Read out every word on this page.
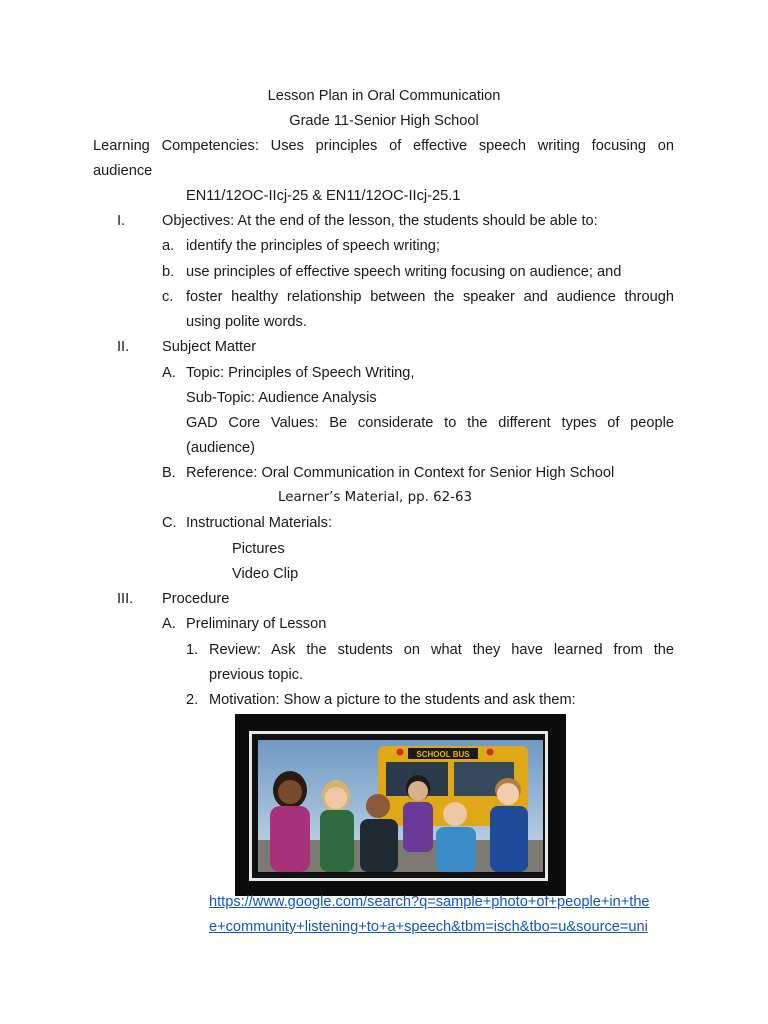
Lesson Plan in Oral Communication
Grade 11-Senior High School
Learning Competencies: Uses principles of effective speech writing focusing on
audience
EN11/12OC-IIcj-25 & EN11/12OC-IIcj-25.1
I.	Objectives: At the end of the lesson, the students should be able to:
a. identify the principles of speech writing;
b. use principles of effective speech writing focusing on audience; and
c. foster healthy relationship between the speaker and audience through
using polite words.
II. Subject Matter
A. Topic: Principles of Speech Writing,
Sub-Topic: Audience Analysis
GAD Core Values: Be considerate to the different types of people
(audience)
B. Reference: Oral Communication in Context for Senior High School
Learner’s Material, pp. 62-63
C. Instructional Materials:
Pictures
Video Clip
III. Procedure
A. Preliminary of Lesson
1. Review: Ask the students on what they have learned from the
previous topic.
2. Motivation: Show a picture to the students and ask them:
SCHOOL BUS
https://www.google.com/search?q=sample+photo+of+people+in+the
e+community+listening+to+a+speech&tbm=isch&tbo=u&source=uni
